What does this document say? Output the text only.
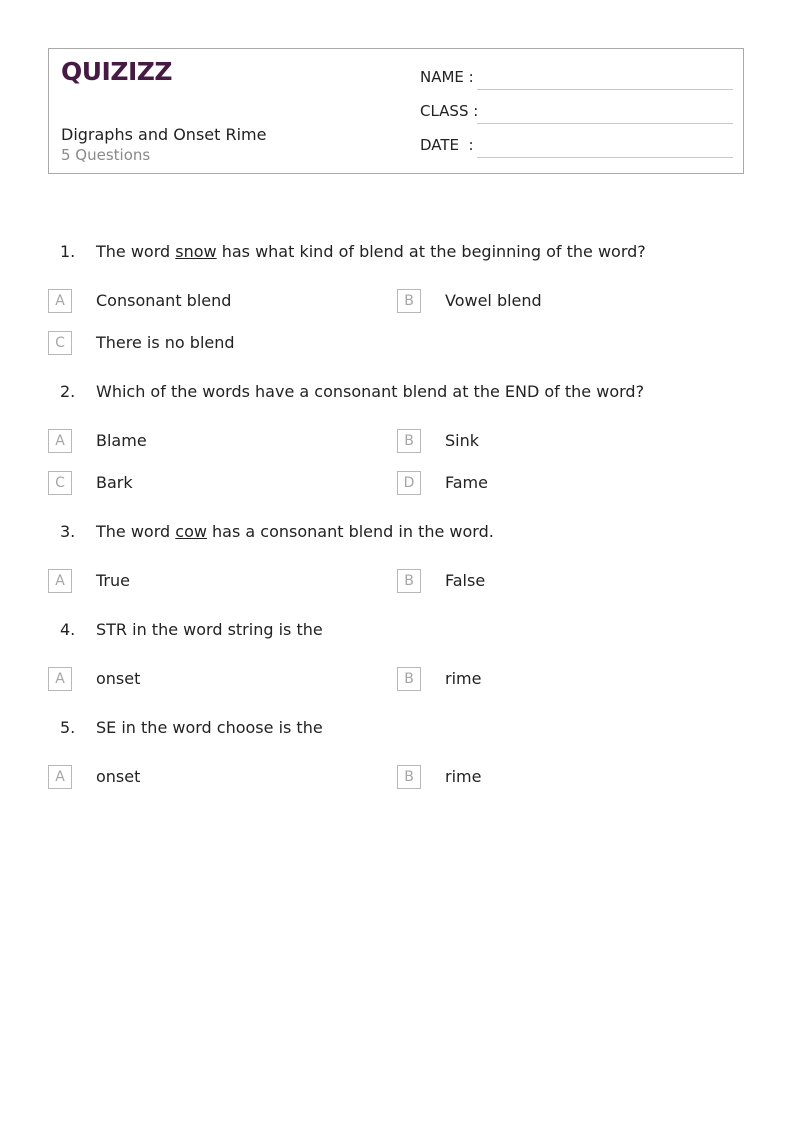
QUIZIZZ
Digraphs and Onset Rime
5 Questions
NAME :
CLASS :
DATE  :
1. The word snow has what kind of blend at the beginning of the word?
A	Consonant blend	B	Vowel blend
C	There is no blend
2. Which of the words have a consonant blend at the END of the word?
A	Blame	B	Sink
C	Bark	D	Fame
3. The word cow has a consonant blend in the word.
A	True	B	False
4. STR in the word string is the
A	onset	B	rime
5. SE in the word choose is the
A	onset	B	rime
